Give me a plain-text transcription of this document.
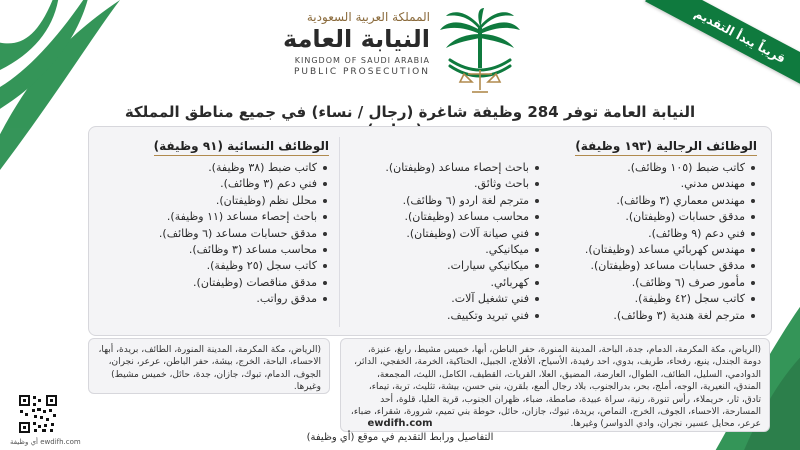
قريباً يبدأ التقديم
المملكة العربية السعودية
النيابة العامة
KINGDOM OF SAUDI ARABIA
PUBLIC PROSECUTION
النيابة العامة توفر 284 وظيفة شاغرة (رجال / نساء) في جميع مناطق المملكة
الوظائف الرجالية (١٩٣ وظيفة)
كاتب ضبط (١٠٥ وظائف).
مهندس مدني.
مهندس معماري (٣ وظائف).
مدقق حسابات (وظيفتان).
فني دعم (٩ وظائف).
مهندس كهربائي مساعد (وظيفتان).
مدقق حسابات مساعد (وظيفتان).
مأمور صرف (٦ وظائف).
كاتب سجل (٤٢ وظيفة).
مترجم لغة هندية (٣ وظائف).
باحث إحصاء مساعد (وظيفتان).
باحث وثائق.
مترجم لغة اردو (٦ وظائف).
محاسب مساعد (وظيفتان).
فني صيانة آلات (وظيفتان).
ميكانيكي.
ميكانيكي سيارات.
كهربائي.
فني تشغيل آلات.
فني تبريد وتكييف.
الوظائف النسائية (٩١ وظيفة)
كاتب ضبط (٣٨ وظيفة).
فني دعم (٣ وظائف).
محلل نظم (وظيفتان).
باحث إحصاء مساعد (١١ وظيفة).
مدقق حسابات مساعد (٦ وظائف).
محاسب مساعد (٣ وظائف).
كاتب سجل (٢٥ وظيفة).
مدقق مناقصات (وظيفتان).
مدقق رواتب.
(الرياض، مكة المكرمة، الدمام، جدة، الباحة، المدينة المنورة، حفر الباطن، أبها، خميس مشيط، رابغ، عنيزة، دومة الجندل، ينبع، رفحاء، طريف، بدوي، احد رفيدة، الأسياح، الأفلاج، الجبيل، الحناكية، الخرمة، الخفجي، الدائر، الدوادمي، السليل، الطائف، الطوال، العارضة، المضيق، العلا، القريات، القطيف، الكامل، الليث، المجمعة، المندق، النعيرية، الوجه، أملج، بحر، بدرالجنوب، بلاد رجال ألمع، بلقرن، بني حسن، بيشة، تثليث، تربة، تيماء، تادق، ثار، حريملاء، رأس تنورة، رنية، سراة عبيدة، صامطة، ضباء، ظهران الجنوب، قرية العليا، قلوة، أحد المسارحة، الاحساء، الجوف، الخرج، النماص، بريدة، تبوك، جازان، حائل، حوطة بني تميم، شرورة، شقراء، ضباء، عرعر، محايل عسير، نجران، وادي الدواسر) وغيرها.
(الرياض، مكة المكرمة، المدينة المنورة، الطائف، بريدة، أبها، الاحساء، الباحة، الخرج، بيشة، حفر الباطن، عرعر، نجران، الجوف، الدمام، تبوك، جازان، جدة، حائل، خميس مشيط) وغيرها.
ewdifh.com أي وظيفة
ewdifh.com
التفاصيل ورابط التقديم في موقع (أي وظيفة)
